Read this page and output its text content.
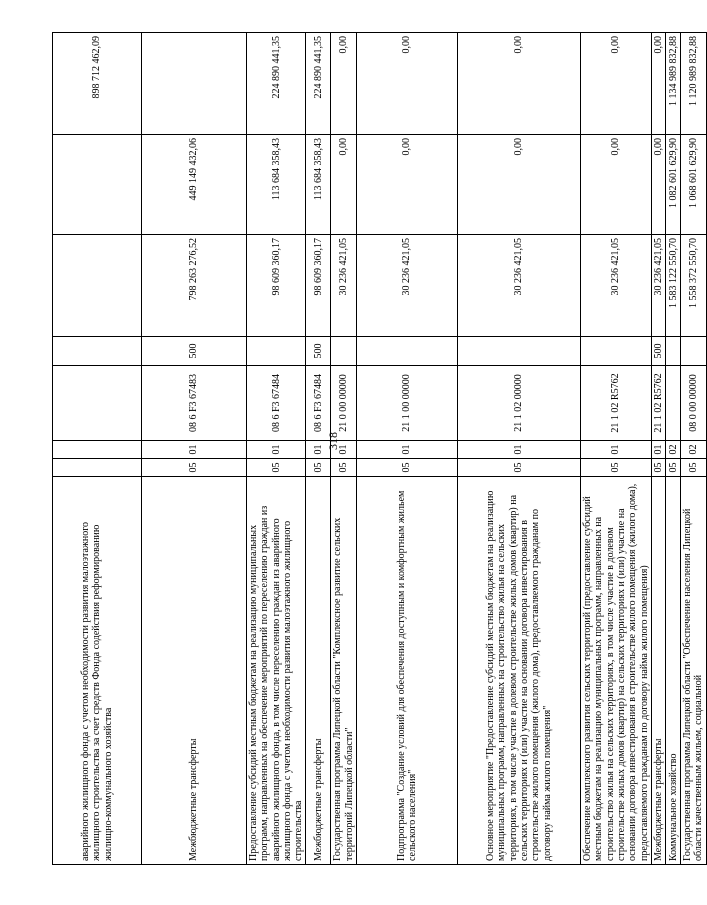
318
аварийного жилищного фонда с учетом необходимости развития малоэтажного жилищного строительства за счет средств Фонда содействия реформированию жилищно-коммунального хозяйства							898 712 462,09
Межбюджетные трансферты	05	01	08 6 F3 67483	500	798 263 276,52	449 149 432,06	
Предоставление субсидий местным бюджетам на реализацию муниципальных программ, направленных на обеспечение мероприятий по переселению граждан из аварийного жилищного фонда, в том числе переселению граждан из аварийного жилищного фонда с учетом необходимости развития малоэтажного жилищного строительства	05	01	08 6 F3 67484		98 609 360,17	113 684 358,43	224 890 441,35
Межбюджетные трансферты	05	01	08 6 F3 67484	500	98 609 360,17	113 684 358,43	224 890 441,35
Государственная программа Липецкой области "Комплексное развитие сельских территорий Липецкой области"	05	01	21 0 00 00000		30 236 421,05	0,00	0,00
Подпрограмма "Создание условий для обеспечения доступным и комфортным жильем сельского населения"	05	01	21 1 00 00000		30 236 421,05	0,00	0,00
Основное мероприятие "Предоставление субсидий местным бюджетам на реализацию муниципальных программ, направленных на строительство жилья на сельских территориях, в том числе участие в долевом строительстве жилых домов (квартир) на сельских территориях и (или) участие на основании договора инвестирования в строительстве жилого помещения (жилого дома), предоставляемого гражданам по договору найма жилого помещения"	05	01	21 1 02 00000		30 236 421,05	0,00	0,00
Обеспечение комплексного развития сельских территорий (предоставление субсидий местным бюджетам на реализацию муниципальных программ, направленных на строительство жилья на сельских территориях, в том числе участие в долевом строительстве жилых домов (квартир) на сельских территориях и (или) участие на основании договора инвестирования в строительстве жилого помещения (жилого дома), предоставляемого гражданам по договору найма жилого помещения)	05	01	21 1 02 R5762		30 236 421,05	0,00	0,00
Межбюджетные трансферты	05	01	21 1 02 R5762	500	30 236 421,05	0,00	0,00
Коммунальное хозяйство	05	02			1 583 122 550,70	1 082 601 629,90	1 134 989 832,88
Государственная программа Липецкой области "Обеспечение населения Липецкой области качественным жильем, социальной	05	02	08 0 00 00000		1 558 372 550,70	1 068 601 629,90	1 120 989 832,88
